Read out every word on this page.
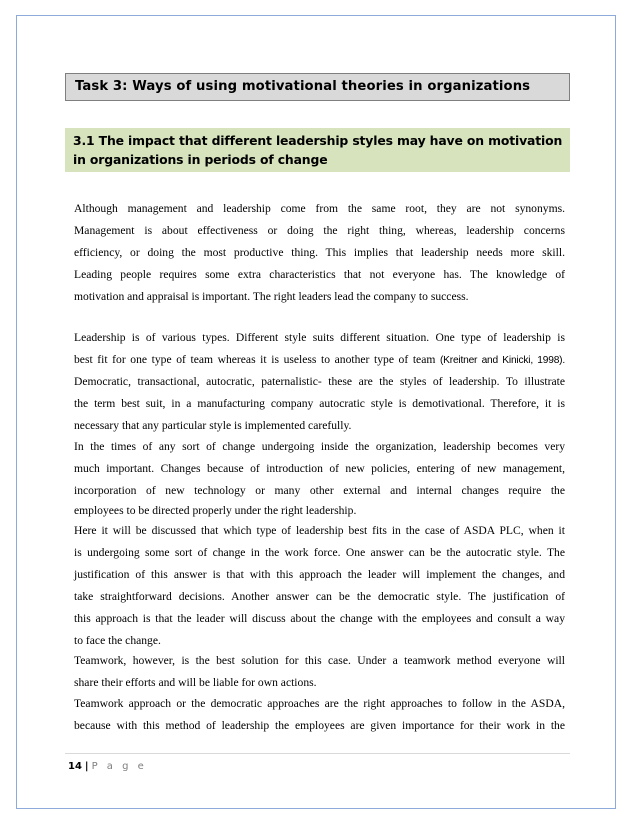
Task 3: Ways of using motivational theories in organizations
3.1 The impact that different leadership styles may have on motivation
in organizations in periods of change
Although management and leadership come from the same root, they are not synonyms.
Management is about effectiveness or doing the right thing, whereas, leadership concerns
efficiency, or doing the most productive thing. This implies that leadership needs more skill.
Leading people requires some extra characteristics that not everyone has. The knowledge of
motivation and appraisal is important. The right leaders lead the company to success.
Leadership is of various types. Different style suits different situation. One type of leadership is
best fit for one type of team whereas it is useless to another type of team (Kreitner and Kinicki, 1998).
Democratic, transactional, autocratic, paternalistic- these are the styles of leadership. To illustrate
the term best suit, in a manufacturing company autocratic style is demotivational. Therefore, it is
necessary that any particular style is implemented carefully.
In the times of any sort of change undergoing inside the organization, leadership becomes very
much important. Changes because of introduction of new policies, entering of new management,
incorporation of new technology or many other external and internal changes require the
employees to be directed properly under the right leadership.
Here it will be discussed that which type of leadership best fits in the case of ASDA PLC, when it
is undergoing some sort of change in the work force. One answer can be the autocratic style. The
justification of this answer is that with this approach the leader will implement the changes, and
take straightforward decisions. Another answer can be the democratic style. The justification of
this approach is that the leader will discuss about the change with the employees and consult a way
to face the change.
Teamwork, however, is the best solution for this case. Under a teamwork method everyone will
share their efforts and will be liable for own actions.
Teamwork approach or the democratic approaches are the right approaches to follow in the ASDA,
because with this method of leadership the employees are given importance for their work in the
14 | P a g e
